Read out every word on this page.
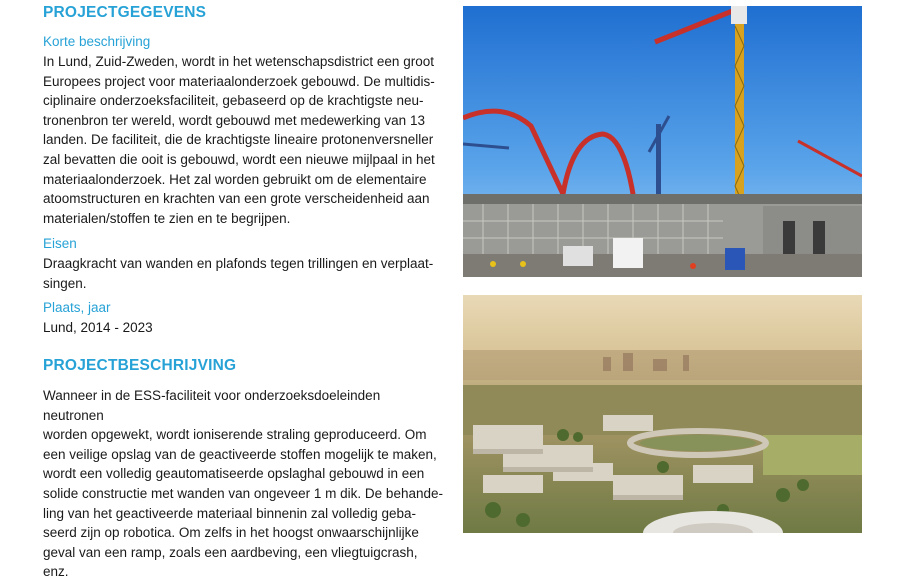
PROJECTGEGEVENS
Korte beschrijving

In Lund, Zuid-Zweden, wordt in het wetenschapsdistrict een groot
Europees project voor materiaalonderzoek gebouwd. De multidis-
ciplinaire onderzoeksfaciliteit, gebaseerd op de krachtigste neu-
tronenbron ter wereld, wordt gebouwd met medewerking van 13
landen. De faciliteit, die de krachtigste lineaire protonenversneller
zal bevatten die ooit is gebouwd, wordt een nieuwe mijlpaal in het
materiaalonderzoek. Het zal worden gebruikt om de elementaire
atoomstructuren en krachten van een grote verscheidenheid aan
materialen/stoffen te zien en te begrijpen.

Eisen

Draagkracht van wanden en plafonds tegen trillingen en verplaat-
singen.

Plaats, jaar

Lund, 2014 - 2023

PROJECTBESCHRIJVING

Wanneer in de ESS-faciliteit voor onderzoeksdoeleinden neutronen
worden opgewekt, wordt ioniserende straling geproduceerd. Om
een veilige opslag van de geactiveerde stoffen mogelijk te maken,
wordt een volledig geautomatiseerde opslaghal gebouwd in een
solide constructie met wanden van ongeveer 1 m dik. De behande-
ling van het geactiveerde materiaal binnenin zal volledig geba-
seerd zijn op robotica. Om zelfs in het hoogst onwaarschijnlijke
geval van een ramp, zoals een aardbeving, een vliegtuigcrash, enz.
